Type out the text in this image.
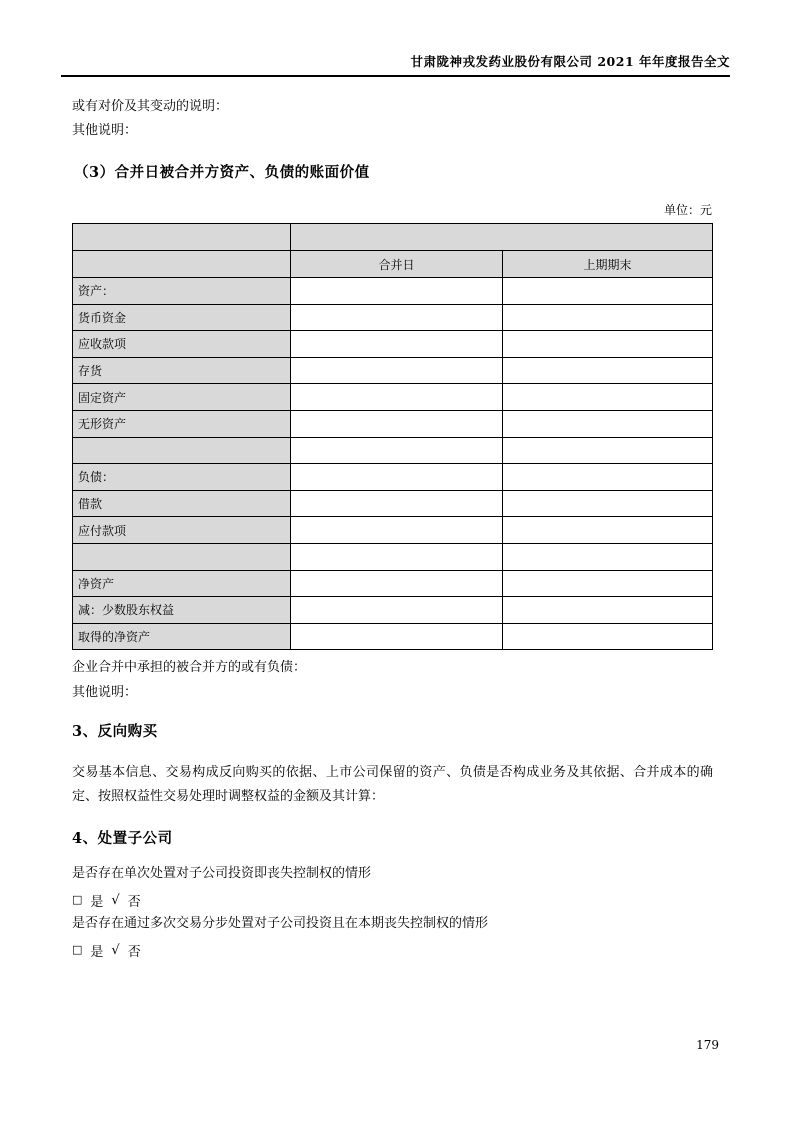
甘肃陇神戎发药业股份有限公司 2021 年年度报告全文
或有对价及其变动的说明：
其他说明：
（3）合并日被合并方资产、负债的账面价值
单位：元

	合并日	上期期末
资产：		
货币资金		
应收款项		
存货		
固定资产		
无形资产		

负债：		
借款		
应付款项		

净资产		
减：少数股东权益		
取得的净资产		
企业合并中承担的被合并方的或有负债：
其他说明：
3、反向购买
交易基本信息、交易构成反向购买的依据、上市公司保留的资产、负债是否构成业务及其依据、合并成本的确定、按照权益性交易处理时调整权益的金额及其计算：
4、处置子公司
是否存在单次处置对子公司投资即丧失控制权的情形
□ 是 √ 否
是否存在通过多次交易分步处置对子公司投资且在本期丧失控制权的情形
□ 是 √ 否
179
